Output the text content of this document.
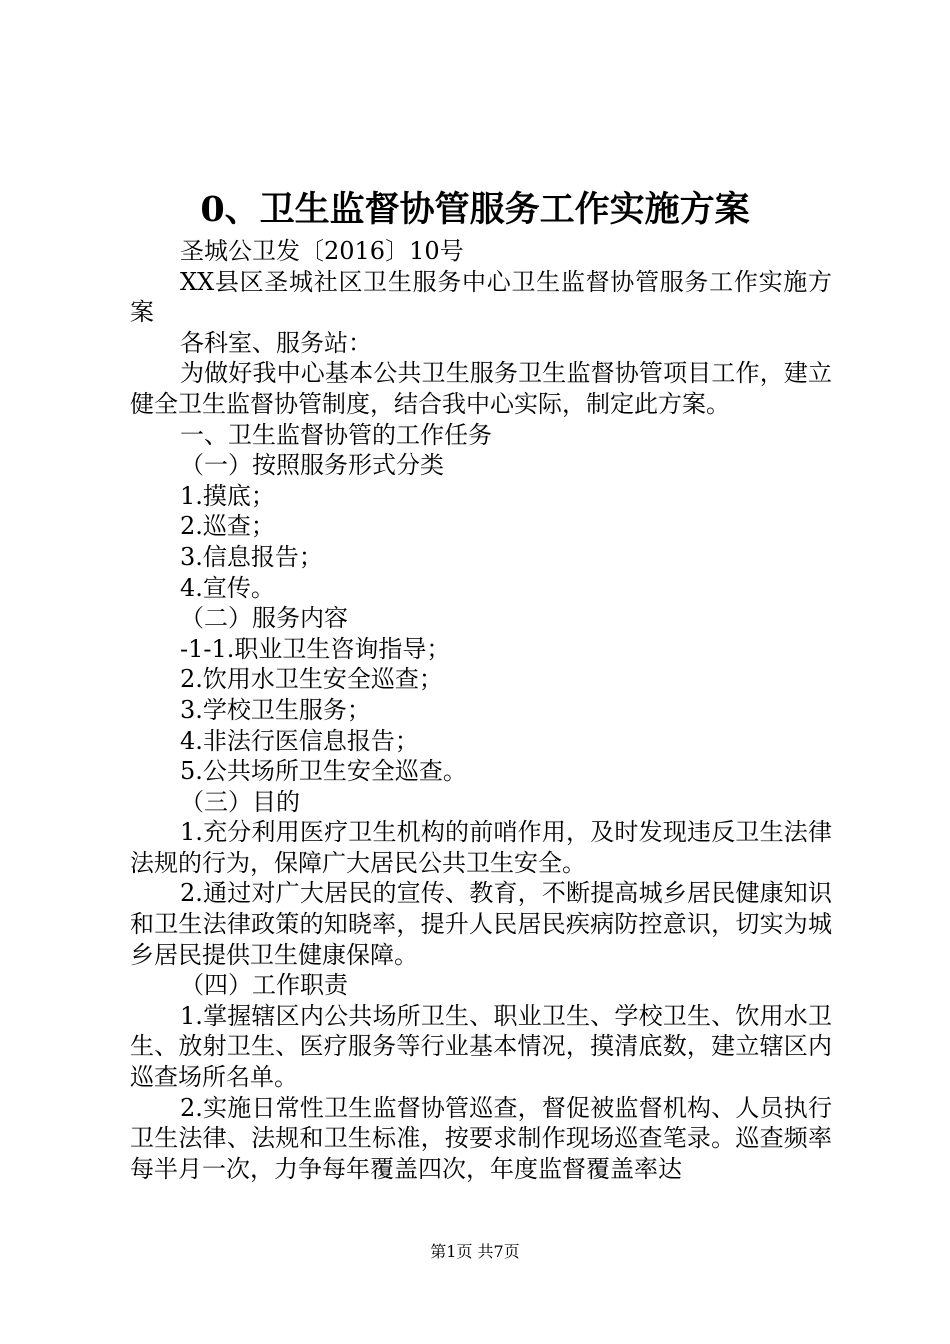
0、卫生监督协管服务工作实施方案

圣城公卫发〔2016〕10号

XX县区圣城社区卫生服务中心卫生监督协管服务工作实施方案

各科室、服务站：

为做好我中心基本公共卫生服务卫生监督协管项目工作，建立健全卫生监督协管制度，结合我中心实际，制定此方案。

一、卫生监督协管的工作任务

（一）按照服务形式分类

1.摸底；

2.巡查；

3.信息报告；

4.宣传。

（二）服务内容

-1-1.职业卫生咨询指导；

2.饮用水卫生安全巡查；

3.学校卫生服务；

4.非法行医信息报告；

5.公共场所卫生安全巡查。

（三）目的

1.充分利用医疗卫生机构的前哨作用，及时发现违反卫生法律法规的行为，保障广大居民公共卫生安全。

2.通过对广大居民的宣传、教育，不断提高城乡居民健康知识和卫生法律政策的知晓率，提升人民居民疾病防控意识，切实为城乡居民提供卫生健康保障。

（四）工作职责

1.掌握辖区内公共场所卫生、职业卫生、学校卫生、饮用水卫生、放射卫生、医疗服务等行业基本情况，摸清底数，建立辖区内巡查场所名单。

2.实施日常性卫生监督协管巡查，督促被监督机构、人员执行卫生法律、法规和卫生标准，按要求制作现场巡查笔录。巡查频率每半月一次，力争每年覆盖四次，年度监督覆盖率达

第1页 共7页
